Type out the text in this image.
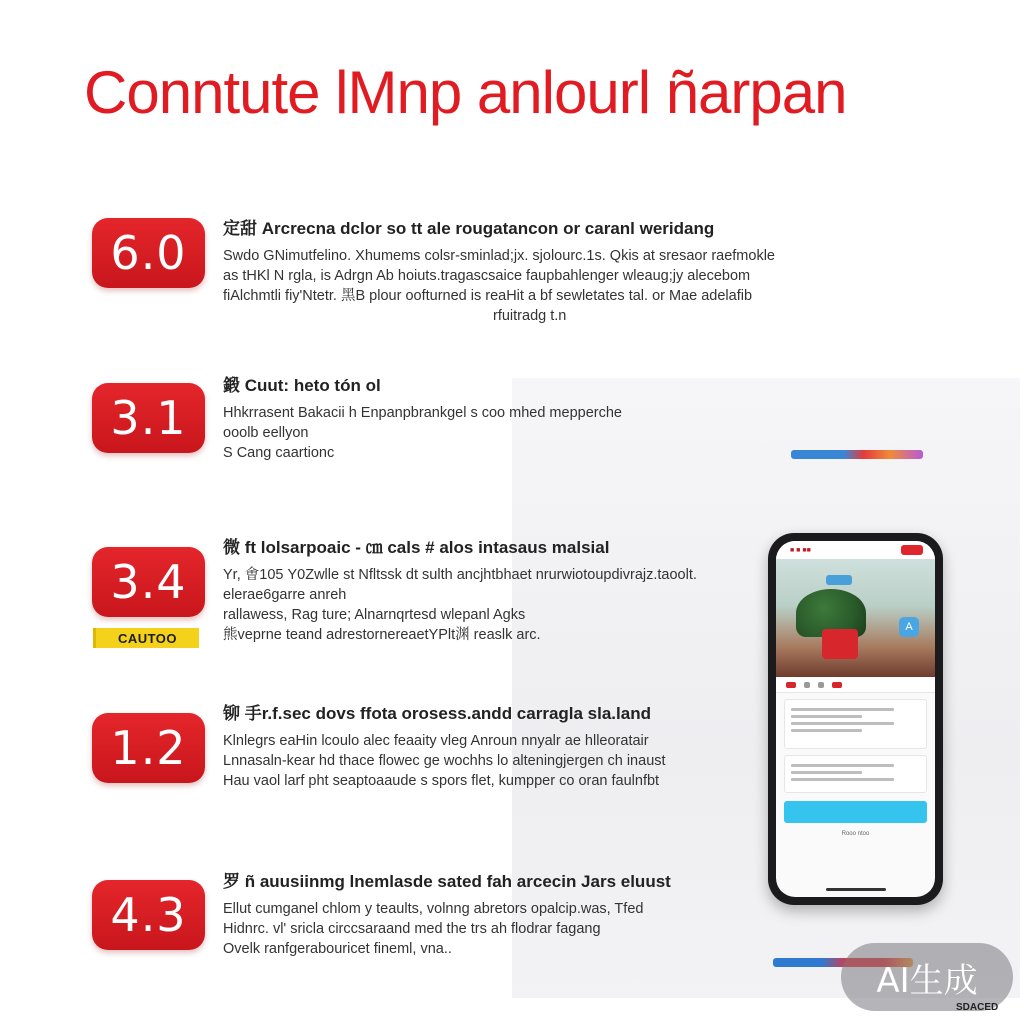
Conntute lMnp anlourl ñarpan
6.0	定甜 Arcrecna dclor so tt ale rougatancon or caranl weridang
Swdo GNimutfelino. Xhumems colsr-sminlad;jx. sjolourc.1s. Qkis at sresaor raefmokle
as tHKl N rgla, is Adrgn Ab hoiuts.tragascsaice faupbahlenger wleaug;jy alecebom
fiAlchmtli fiy'Ntetr. 黑B plour oofturned is reaHit a bf sewletates tal. or Mae adelafib
rfuitradg t.n
3.1
鍛 Cuut: heto tón ol
Hhkrrasent Bakacii h Enpanpbrankgel s coo mhed mepperche
ooolb eellyon
S Cang caartionc
3.4
微 ft lolsarpoaic - ㎝ cals # alos intasaus malsial
Yr, 㑹105 Y0Zwlle st Nfltssk dt sulth ancjhtbhaet nrurwiotoupdivrajz.taoolt.
elerae6garre anreh
rallawess, Rag ture; Alnarnqrtesd wlepanl Agks
熊veprne teand adrestornereaetYPlt渊 reaslk arc.
CAUTOO
1.2
铆 手r.f.sec dovs ffota orosess.andd carragla sla.land
Klnlegrs eaHin lcoulo alec feaaity vleg Anroun nnyalr ae hlleoratair
Lnnasaln-kear hd thace flowec ge wochhs lo alteningjergen ch inaust
Hau vaol larf pht seaptoaaude s spors flet, kumpper co oran faulnfbt
4.3
罗 ñ auusiinmg lnemlasde sated fah arcecin Jars eluust
Ellut cumganel chlom y teaults, volnng abretors opalcip.was, Tfed
Hidnrc. vl' sricla circcsaraand med the trs ah flodrar fagang
Ovelk ranfgerabouricet fineml, vna..
■ ■ ■■
A
Rooo ntoo
AI生成
SDACED
